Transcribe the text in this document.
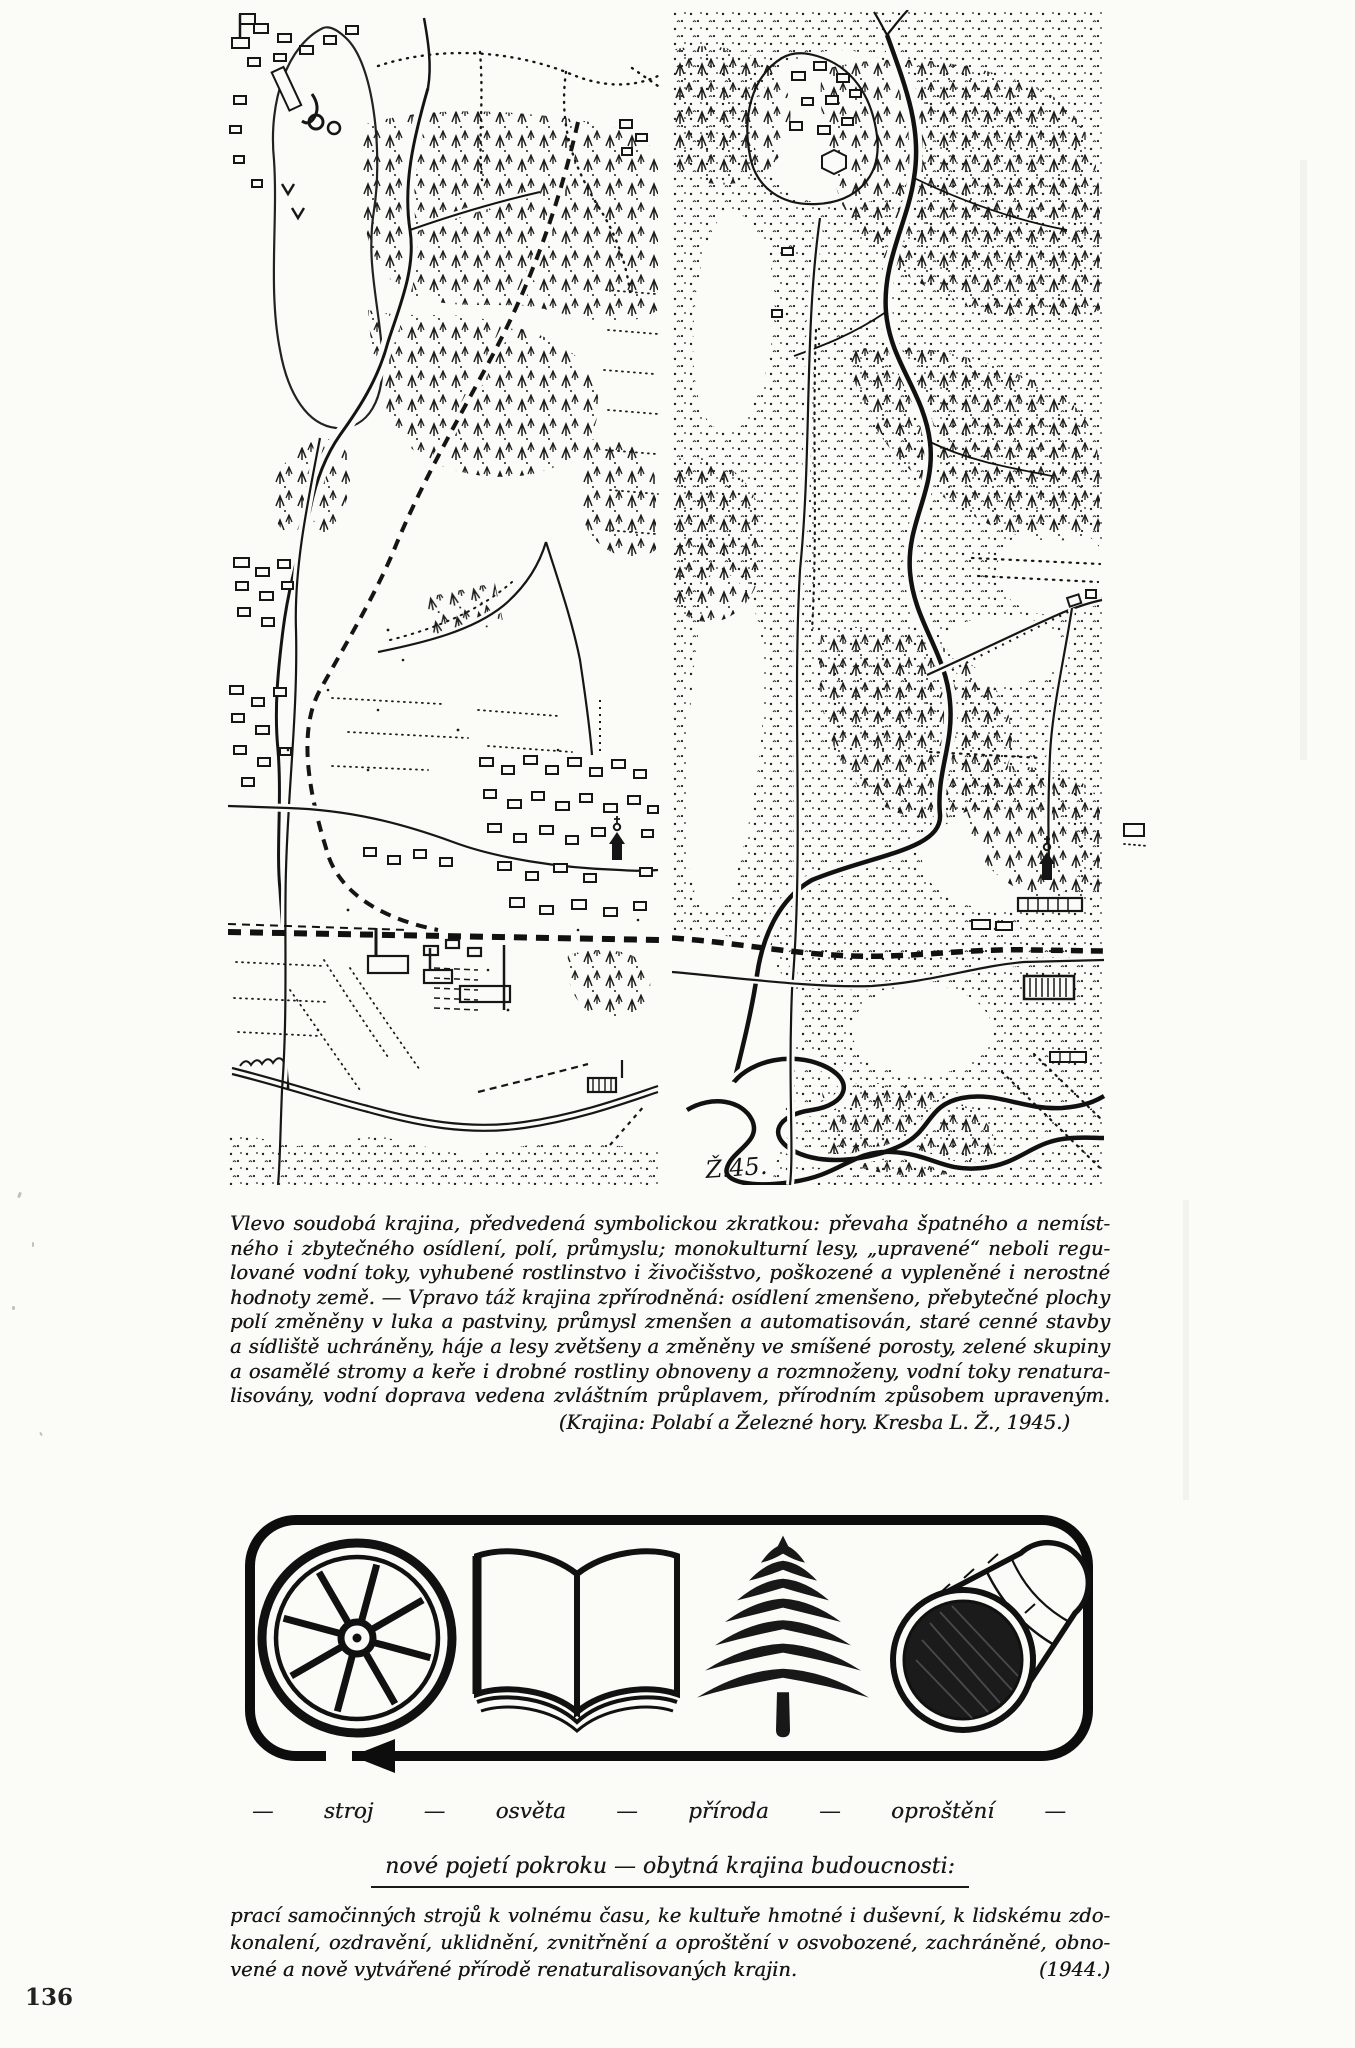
Ž.45.
Vlevo soudobá krajina, předvedená symbolickou zkratkou: převaha špatného a nemíst-
ného i zbytečného osídlení, polí, průmyslu; monokulturní lesy, „upravené“ neboli regu-
lované vodní toky, vyhubené rostlinstvo i živočišstvo, poškozené a vypleněné i nerostné
hodnoty země. — Vpravo táž krajina zpřírodněná: osídlení zmenšeno, přebytečné plochy
polí změněny v luka a pastviny, průmysl zmenšen a automatisován, staré cenné stavby
a sídliště uchráněny, háje a lesy zvětšeny a změněny ve smíšené porosty, zelené skupiny
a osamělé stromy a keře i drobné rostliny obnoveny a rozmnoženy, vodní toky renatura-
lisovány, vodní doprava vedena zvláštním průplavem, přírodním způsobem upraveným.
(Krajina: Polabí a Železné hory. Kresba L. Ž., 1945.)
— stroj — osvěta — příroda — oproštění —
nové pojetí pokroku — obytná krajina budoucnosti:
prací samočinných strojů k volnému času, ke kultuře hmotné i duševní, k lidskému zdo-
konalení, ozdravění, uklidnění, zvnitřnění a oproštění v osvobozené, zachráněné, obno-
vené a nově vytvářené přírodě renaturalisovaných krajin.	(1944.)
136
